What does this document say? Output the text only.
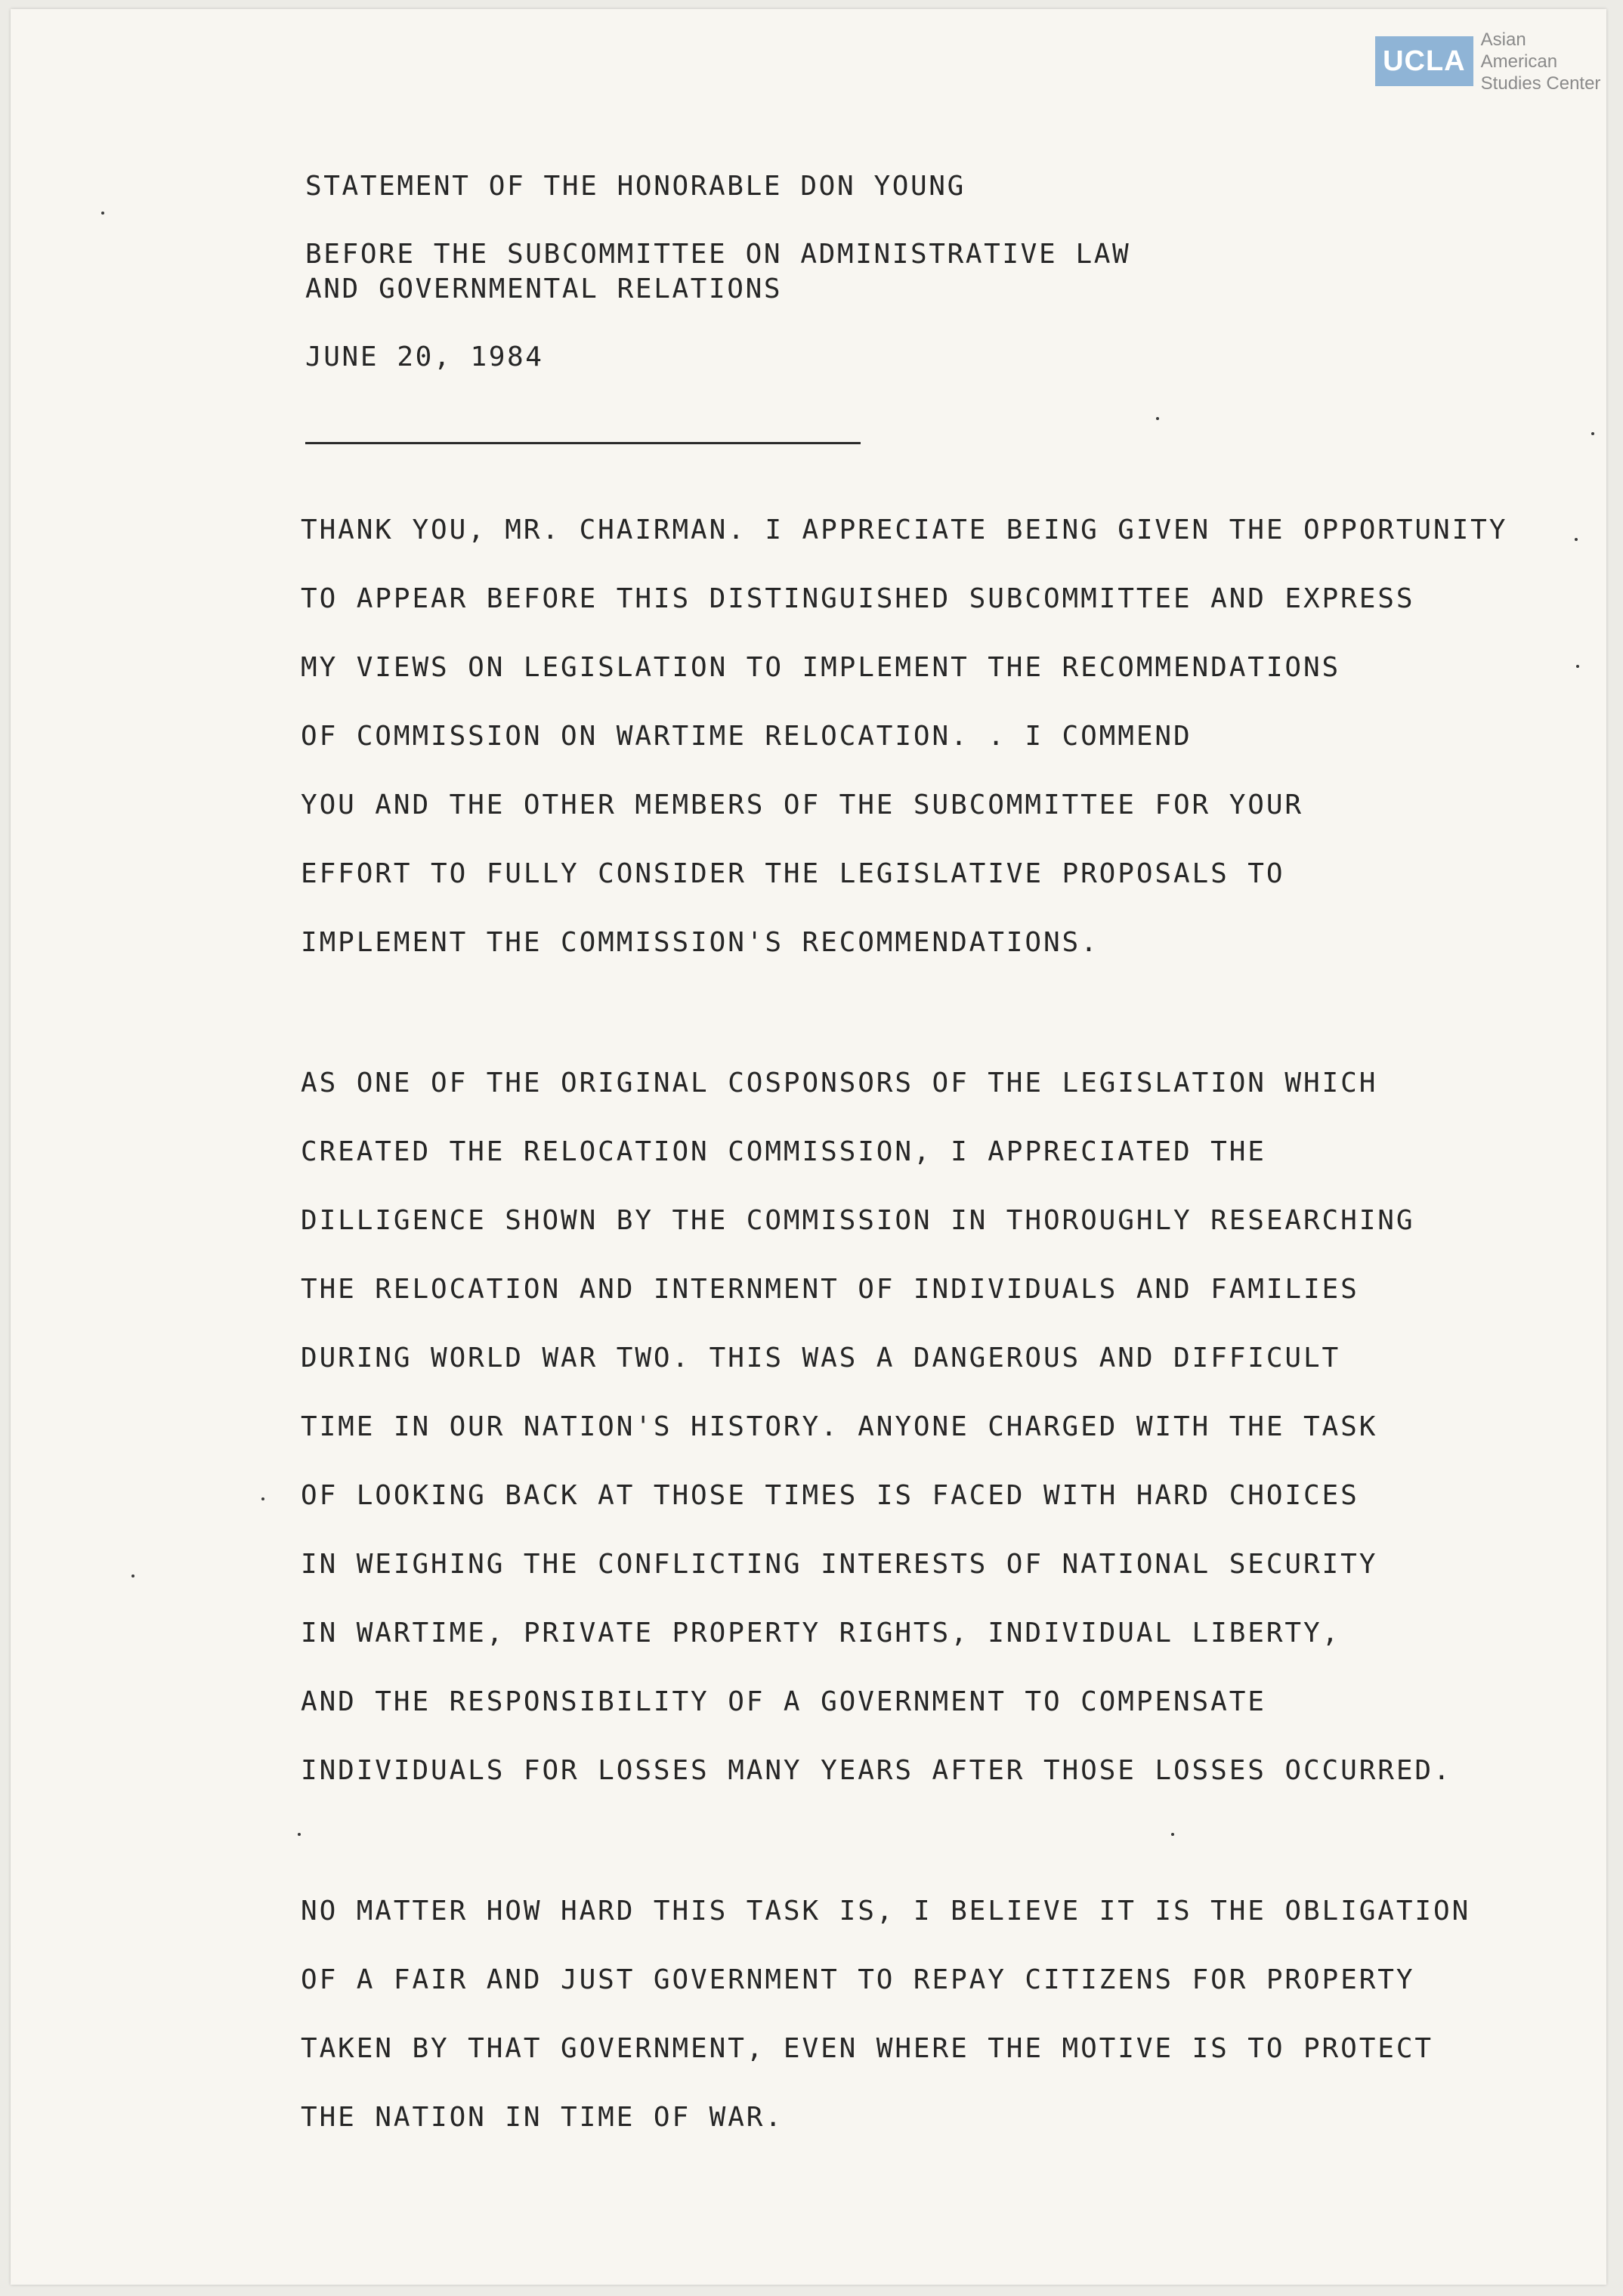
UCLA
Asian American
Studies Center
STATEMENT OF THE HONORABLE DON YOUNG
BEFORE THE SUBCOMMITTEE ON ADMINISTRATIVE LAW
AND GOVERNMENTAL RELATIONS
JUNE 20, 1984
THANK YOU, MR. CHAIRMAN. I APPRECIATE BEING GIVEN THE OPPORTUNITY
TO APPEAR BEFORE THIS DISTINGUISHED SUBCOMMITTEE AND EXPRESS
MY VIEWS ON LEGISLATION TO IMPLEMENT THE RECOMMENDATIONS
OF COMMISSION ON WARTIME RELOCATION. . I COMMEND
YOU AND THE OTHER MEMBERS OF THE SUBCOMMITTEE FOR YOUR
EFFORT TO FULLY CONSIDER THE LEGISLATIVE PROPOSALS TO
IMPLEMENT THE COMMISSION'S RECOMMENDATIONS.
AS ONE OF THE ORIGINAL COSPONSORS OF THE LEGISLATION WHICH
CREATED THE RELOCATION COMMISSION, I APPRECIATED THE
DILLIGENCE SHOWN BY THE COMMISSION IN THOROUGHLY RESEARCHING
THE RELOCATION AND INTERNMENT OF INDIVIDUALS AND FAMILIES
DURING WORLD WAR TWO. THIS WAS A DANGEROUS AND DIFFICULT
TIME IN OUR NATION'S HISTORY. ANYONE CHARGED WITH THE TASK
OF LOOKING BACK AT THOSE TIMES IS FACED WITH HARD CHOICES
IN WEIGHING THE CONFLICTING INTERESTS OF NATIONAL SECURITY
IN WARTIME, PRIVATE PROPERTY RIGHTS, INDIVIDUAL LIBERTY,
AND THE RESPONSIBILITY OF A GOVERNMENT TO COMPENSATE
INDIVIDUALS FOR LOSSES MANY YEARS AFTER THOSE LOSSES OCCURRED.
NO MATTER HOW HARD THIS TASK IS, I BELIEVE IT IS THE OBLIGATION
OF A FAIR AND JUST GOVERNMENT TO REPAY CITIZENS FOR PROPERTY
TAKEN BY THAT GOVERNMENT, EVEN WHERE THE MOTIVE IS TO PROTECT
THE NATION IN TIME OF WAR.
